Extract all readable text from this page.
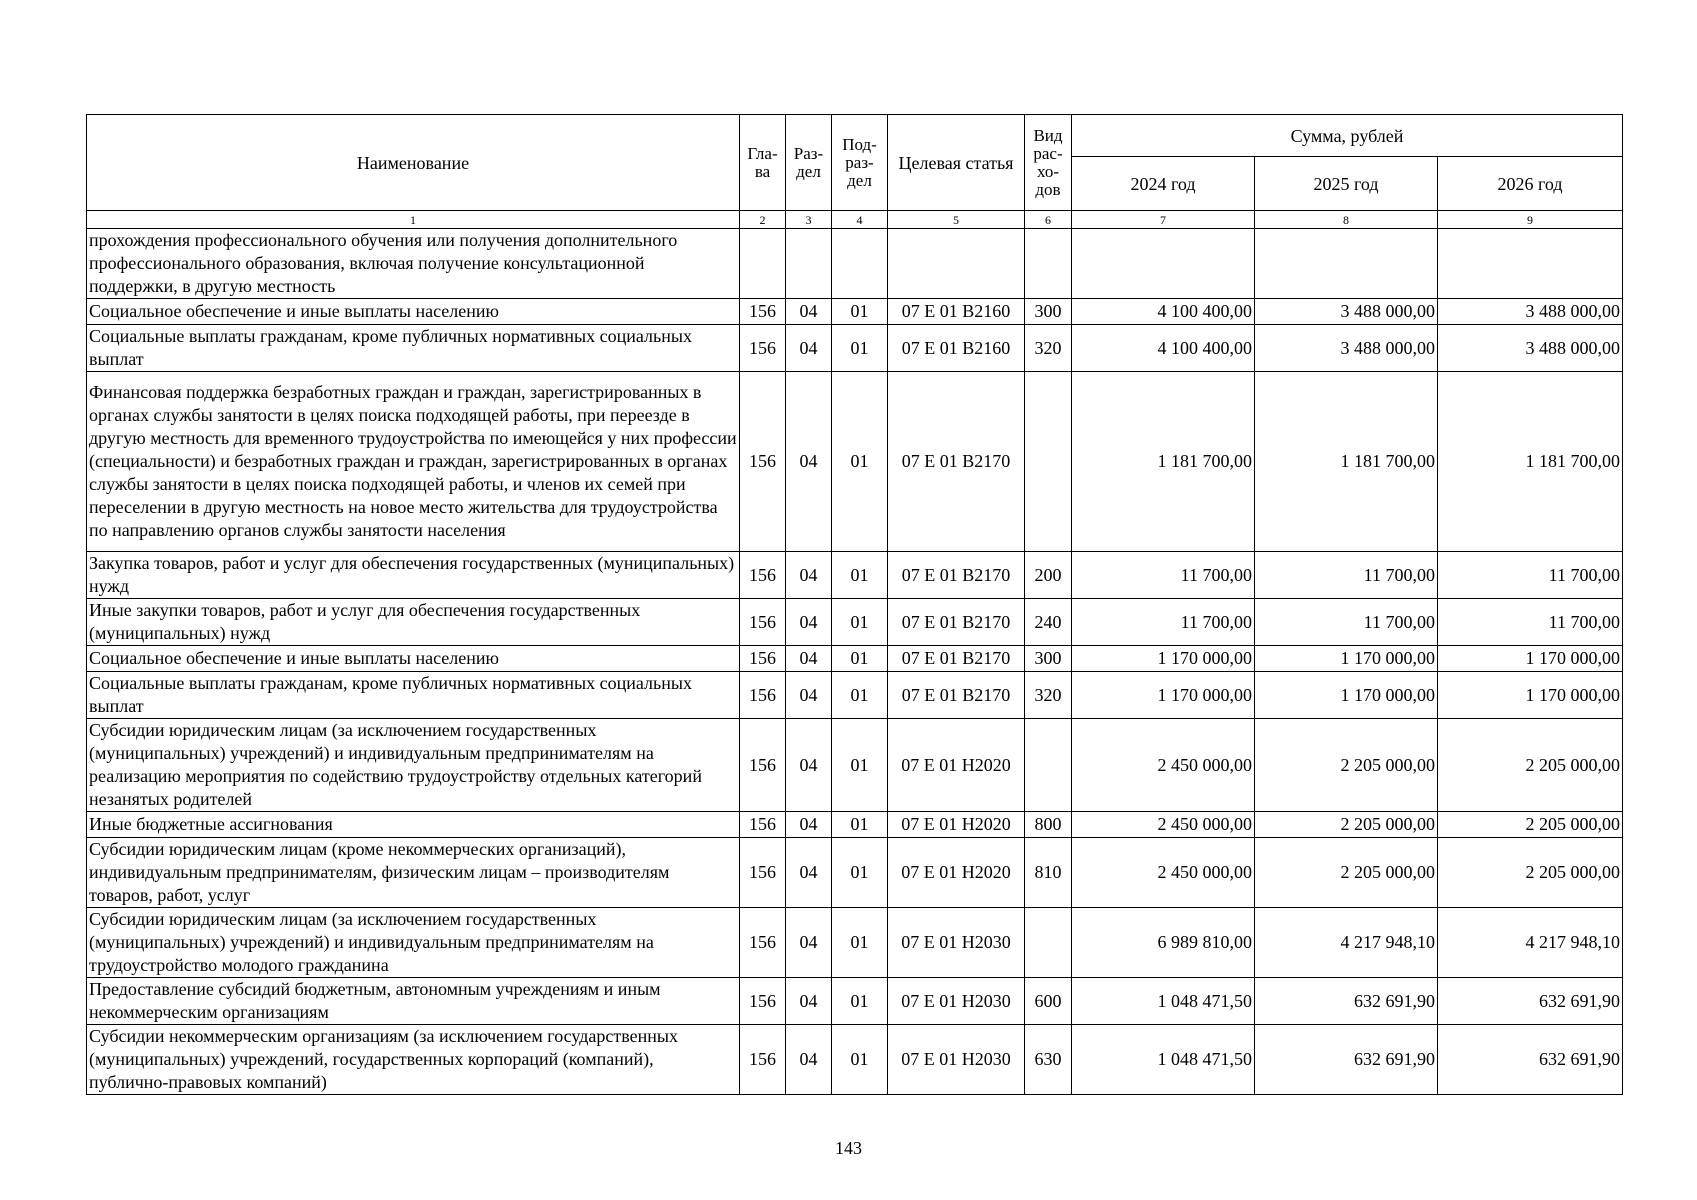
Наименование	Гла-ва	Раз-дел	Под-раз-дел	Целевая статья	Вид рас-хо-дов	Сумма, рублей		
						2024 год	2025 год	2026 год
1	2	3	4	5	6	7	8	9
прохождения профессионального обучения или получения дополнительного профессионального образования, включая получение консультационной поддержки, в другую местность								
Социальное обеспечение и иные выплаты населению	156	04	01	07 Е 01 В2160	300	4 100 400,00	3 488 000,00	3 488 000,00
Социальные выплаты гражданам, кроме публичных нормативных социальных выплат	156	04	01	07 Е 01 В2160	320	4 100 400,00	3 488 000,00	3 488 000,00
Финансовая поддержка безработных граждан и граждан, зарегистрированных в органах службы занятости в целях поиска подходящей работы, при переезде в другую местность для временного трудоустройства по имеющейся у них профессии (специальности) и безработных граждан и граждан, зарегистрированных в органах службы занятости в целях поиска подходящей работы, и членов их семей при переселении в другую местность на новое место жительства для трудоустройства по направлению органов службы занятости населения	156	04	01	07 Е 01 В2170		1 181 700,00	1 181 700,00	1 181 700,00
Закупка товаров, работ и услуг для обеспечения государственных (муниципальных) нужд	156	04	01	07 Е 01 В2170	200	11 700,00	11 700,00	11 700,00
Иные закупки товаров, работ и услуг для обеспечения государственных (муниципальных) нужд	156	04	01	07 Е 01 В2170	240	11 700,00	11 700,00	11 700,00
Социальное обеспечение и иные выплаты населению	156	04	01	07 Е 01 В2170	300	1 170 000,00	1 170 000,00	1 170 000,00
Социальные выплаты гражданам, кроме публичных нормативных социальных выплат	156	04	01	07 Е 01 В2170	320	1 170 000,00	1 170 000,00	1 170 000,00
Субсидии юридическим лицам (за исключением государственных (муниципальных) учреждений) и индивидуальным предпринимателям на реализацию мероприятия по содействию трудоустройству отдельных категорий незанятых родителей	156	04	01	07 Е 01 Н2020		2 450 000,00	2 205 000,00	2 205 000,00
Иные бюджетные ассигнования	156	04	01	07 Е 01 Н2020	800	2 450 000,00	2 205 000,00	2 205 000,00
Субсидии юридическим лицам (кроме некоммерческих организаций), индивидуальным предпринимателям, физическим лицам – производителям товаров, работ, услуг	156	04	01	07 Е 01 Н2020	810	2 450 000,00	2 205 000,00	2 205 000,00
Субсидии юридическим лицам (за исключением государственных (муниципальных) учреждений) и индивидуальным предпринимателям на трудоустройство молодого гражданина	156	04	01	07 Е 01 Н2030		6 989 810,00	4 217 948,10	4 217 948,10
Предоставление субсидий бюджетным, автономным учреждениям и иным некоммерческим организациям	156	04	01	07 Е 01 Н2030	600	1 048 471,50	632 691,90	632 691,90
Субсидии некоммерческим организациям (за исключением государственных (муниципальных) учреждений, государственных корпораций (компаний), публично-правовых компаний)	156	04	01	07 Е 01 Н2030	630	1 048 471,50	632 691,90	632 691,90
143
